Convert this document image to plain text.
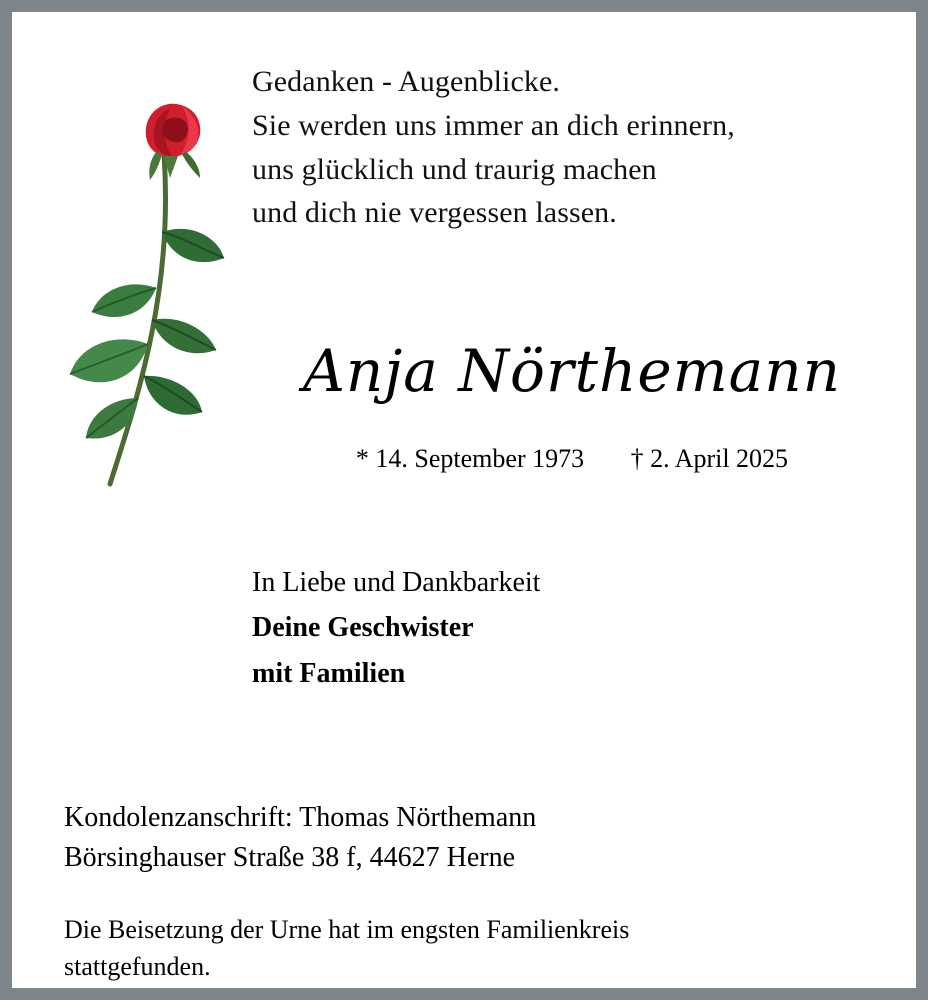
Gedanken - Augenblicke.
Sie werden uns immer an dich erinnern,
uns glücklich und traurig machen
und dich nie vergessen lassen.
Anja Nörthemann
* 14. September 1973 † 2. April 2025
In Liebe und Dankbarkeit
Deine Geschwister
mit Familien
Kondolenzanschrift: Thomas Nörthemann
Börsinghauser Straße 38 f, 44627 Herne
Die Beisetzung der Urne hat im engsten Familienkreis
stattgefunden.
